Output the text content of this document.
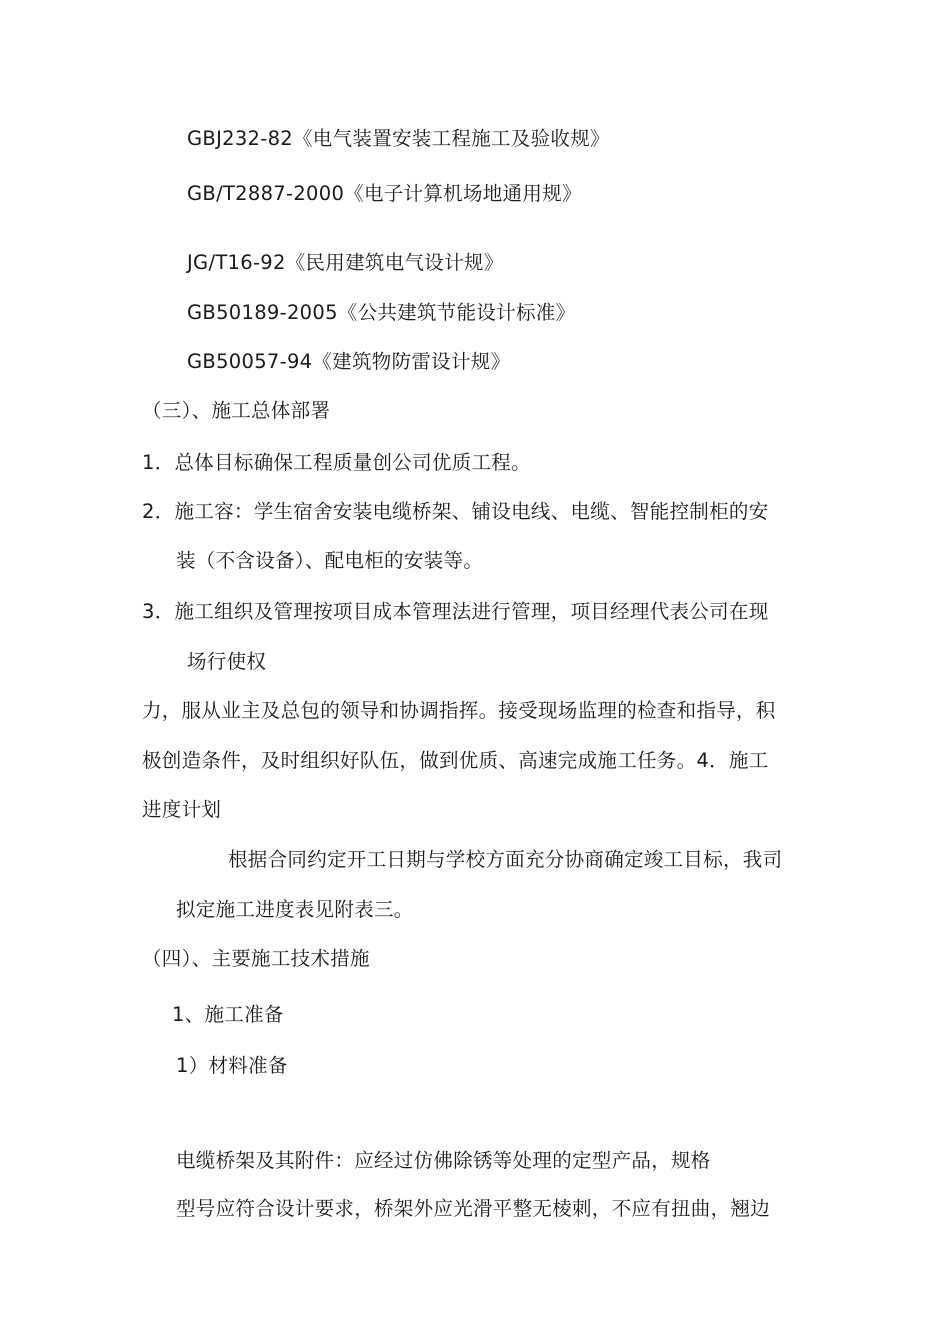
GBJ232-82《电气装置安装工程施工及验收规》
GB/T2887-2000《电子计算机场地通用规》
JG/T16-92《民用建筑电气设计规》
GB50189-2005《公共建筑节能设计标准》
GB50057-94《建筑物防雷设计规》
（三）、施工总体部署
1．总体目标确保工程质量创公司优质工程。
2．施工容：学生宿舍安装电缆桥架、铺设电线、电缆、智能控制柜的安
装（不含设备）、配电柜的安装等。
3．施工组织及管理按项目成本管理法进行管理，项目经理代表公司在现
场行使权
力，服从业主及总包的领导和协调指挥。接受现场监理的检查和指导，积
极创造条件，及时组织好队伍，做到优质、高速完成施工任务。4．施工
进度计划
根据合同约定开工日期与学校方面充分协商确定竣工目标，我司
拟定施工进度表见附表三。
（四）、主要施工技术措施
1、施工准备
1）材料准备
电缆桥架及其附件：应经过仿佛除锈等处理的定型产品，规格
型号应符合设计要求，桥架外应光滑平整无棱刺，不应有扭曲，翘边
